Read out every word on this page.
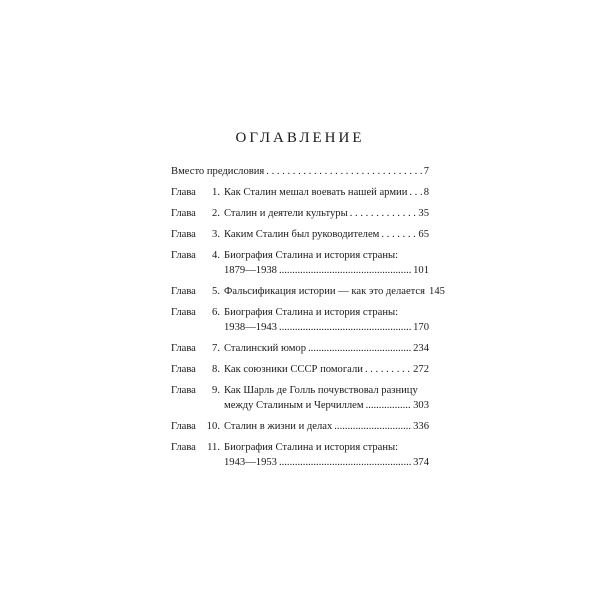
ОГЛАВЛЕНИЕ
Вместо предисловия . . .	7
Глава	1. Как Сталин мешал воевать нашей армии . . . 8
Глава	2. Сталин и деятели культуры . . .	35
Глава	3. Каким Сталин был руководителем . . .	65
Глава	4. Биография Сталина и история страны:
1879—1938 .....	101
Глава	5. Фальсификация истории — как это делается 145
Глава	6. Биография Сталина и история страны:
1938—1943 .....	170
Глава	7. Сталинский юмор .....	234
Глава	8. Как союзники СССР помогали . . .	272
Глава	9. Как Шарль де Голль почувствовал разницу
между Сталиным и Черчиллем .....	303
Глава	10. Сталин в жизни и делах .....	336
Глава	11. Биография Сталина и история страны:
1943—1953 .....	374
